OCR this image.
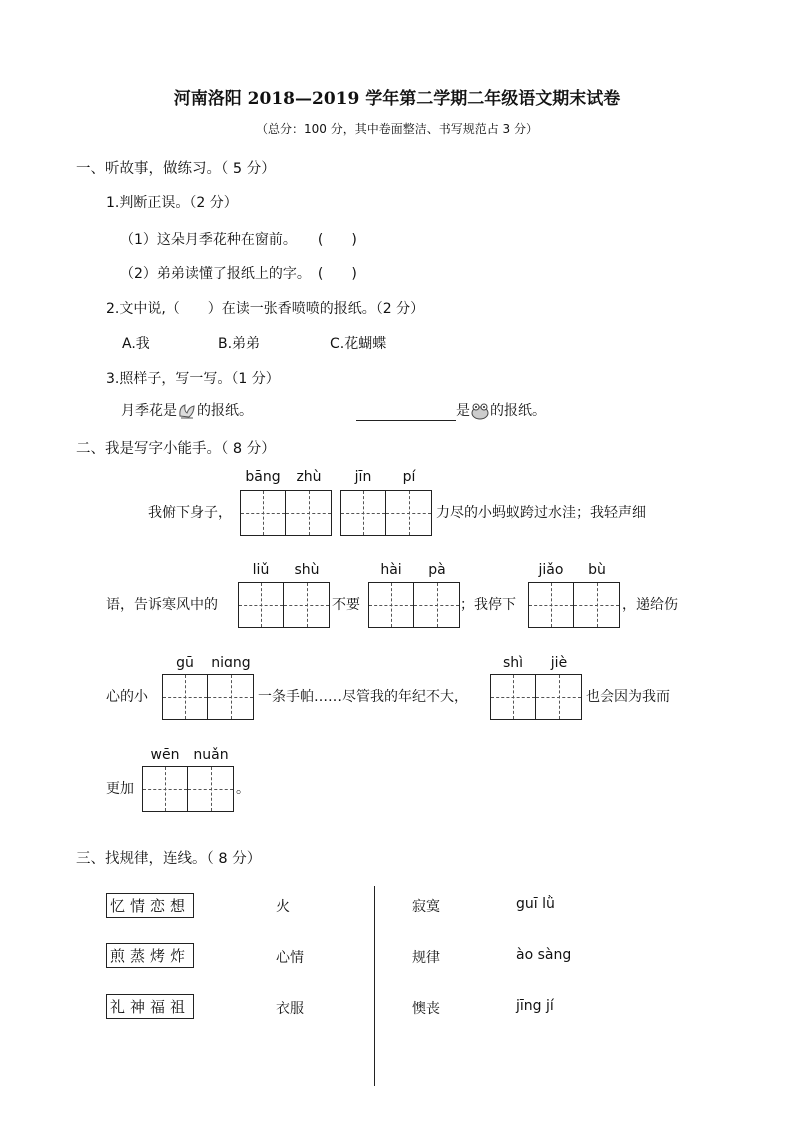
河南洛阳 2018—2019 学年第二学期二年级语文期末试卷
（总分：100 分，其中卷面整洁、书写规范占 3 分）
一、听故事，做练习。（ 5 分）
1.判断正误。（2 分）
（1）这朵月季花种在窗前。　　(　　)
（2）弟弟读懂了报纸上的字。　(　　)
2.文中说,（　　）在读一张香喷喷的报纸。（2 分）
A.我	B.弟弟	C.花蝴蝶
3.照样子，写一写。（1 分）
月季花是 的报纸。	是 的报纸。
二、我是写字小能手。（ 8 分）
bāng	zhù	jīn	pí
我俯下身子，	力尽的小蚂蚁跨过水洼；我轻声细
liǔ	shù	hài	pà	jiǎo	bù
语，告诉寒风中的	不要	；我停下	，递给伤
gū	niɑng	shì	jiè
心的小	一条手帕……尽管我的年纪不大，	也会因为我而
wēn nuǎn
更加	。
三、找规律，连线。（ 8 分）
忆情恋想
煎蒸烤炸
礼神福祖
火
心情
衣服
寂寞
规律
懊丧
guī lǜ
ào sàng
jīng jí
